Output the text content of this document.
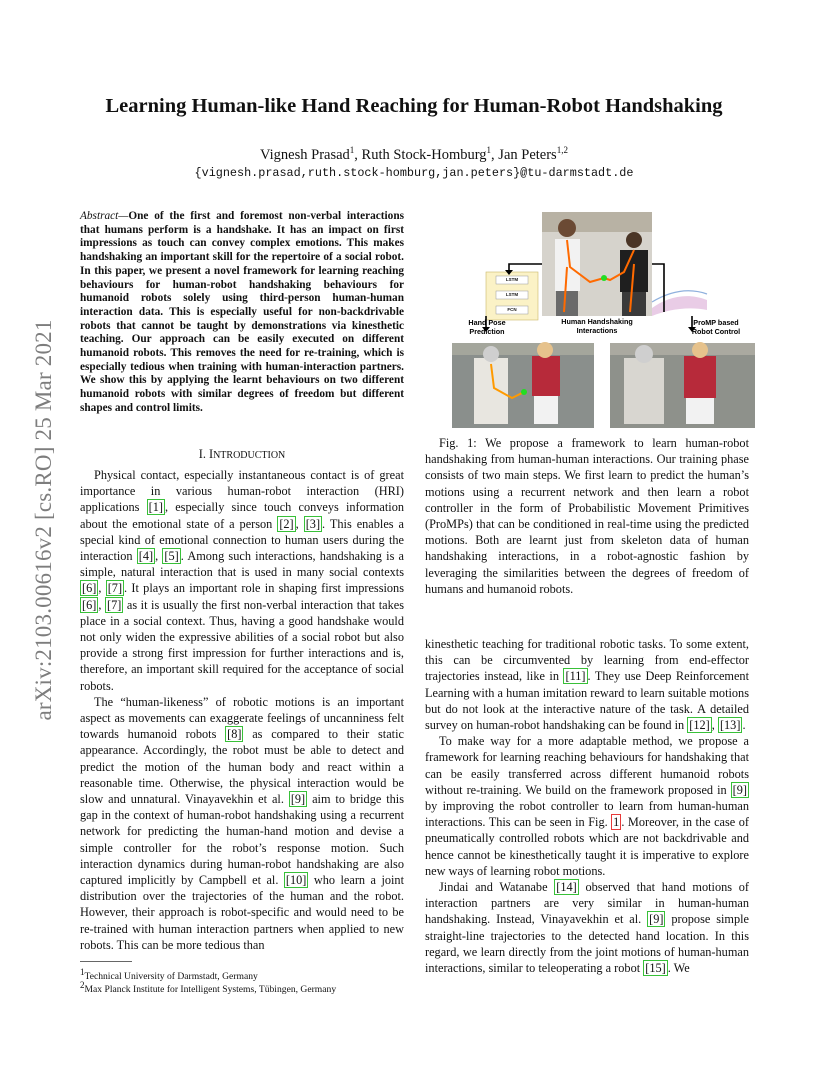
arXiv:2103.00616v2 [cs.RO] 25 Mar 2021
Learning Human-like Hand Reaching for Human-Robot Handshaking
Vignesh Prasad$^1$, Ruth Stock-Homburg$^1$, Jan Peters$^{1,2}$
{vignesh.prasad,ruth.stock-homburg,jan.peters}@tu-darmstadt.de

Abstract—One of the first and foremost non-verbal interactions that humans perform is a handshake. It has an impact on first impressions as touch can convey complex emotions. This makes handshaking an important skill for the repertoire of a social robot. In this paper, we present a novel framework for learning reaching behaviours for human-robot handshaking behaviours for humanoid robots solely using third-person human-human interaction data. This is especially useful for non-backdrivable robots that cannot be taught by demonstrations via kinesthetic teaching. Our approach can be easily executed on different humanoid robots. This removes the need for re-training, which is especially tedious when training with human-interaction partners. We show this by applying the learnt behaviours on two different humanoid robots with similar degrees of freedom but different shapes and control limits.

I. INTRODUCTION

Physical contact, especially instantaneous contact is of great importance in various human-robot interaction (HRI) applications [1] , especially since touch conveys information about the emotional state of a person [2] , [3] . This enables a special kind of emotional connection to human users during the interaction [4] , [5] . Among such interactions, handshaking is a simple, natural interaction that is used in many social contexts [6] , [7] . It plays an important role in shaping first impressions [6] , [7] as it is usually the first non-verbal interaction that takes place in a social context. Thus, having a good handshake would not only widen the expressive abilities of a social robot but also provide a strong first impression for further interactions and is, therefore, an important skill required for the acceptance of social robots.

The “human-likeness” of robotic motions is an important aspect as movements can exaggerate feelings of uncanniness felt towards humanoid robots [8] as compared to their static appearance. Accordingly, the robot must be able to detect and predict the motion of the human body and react within a reasonable time. Otherwise, the physical interaction would be slow and unnatural. Vinayavekhin et al. [9] aim to bridge this gap in the context of human-robot handshaking using a recurrent network for predicting the human-hand motion and devise a simple controller for the robot’s response motion. Such interaction dynamics during human-robot handshaking are also captured implicitly by Campbell et al. [10] who learn a joint distribution over the trajectories of the human and the robot. However, their approach is robot-specific and would need to be re-trained with human interaction partners when applied to new robots. This can be more tedious than

$^1$Technical University of Darmstadt, Germany
$^2$Max Planck Institute for Intelligent Systems, Tübingen, Germany
LSTM
LSTM
FCN
Hand Pose
Prediction
Human Handshaking
Interactions
ProMP based
Robot Control

Fig. 1: We propose a framework to learn human-robot handshaking from human-human interactions. Our training phase consists of two main steps. We first learn to predict the human’s motions using a recurrent network and then learn a robot controller in the form of Probabilistic Movement Primitives (ProMPs) that can be conditioned in real-time using the predicted motions. Both are learnt just from skeleton data of human handshaking interactions, in a robot-agnostic fashion by leveraging the similarities between the degrees of freedom of humans and humanoid robots.

kinesthetic teaching for traditional robotic tasks. To some extent, this can be circumvented by learning from end-effector trajectories instead, like in [11] . They use Deep Reinforcement Learning with a human imitation reward to learn suitable motions but do not look at the interactive nature of the task. A detailed survey on human-robot handshaking can be found in [12] , [13] .

To make way for a more adaptable method, we propose a framework for learning reaching behaviours for handshaking that can be easily transferred across different humanoid robots without re-training. We build on the framework proposed in [9] by improving the robot controller to learn from human-human interactions. This can be seen in Fig. 1 . Moreover, in the case of pneumatically controlled robots which are not backdrivable and hence cannot be kinesthetically taught it is imperative to explore new ways of learning robot motions.

Jindai and Watanabe [14] observed that hand motions of interaction partners are very similar in human-human handshaking. Instead, Vinayavekhin et al. [9] propose simple straight-line trajectories to the detected hand location. In this regard, we learn directly from the joint motions of human-human interactions, similar to teleoperating a robot [15] . We
